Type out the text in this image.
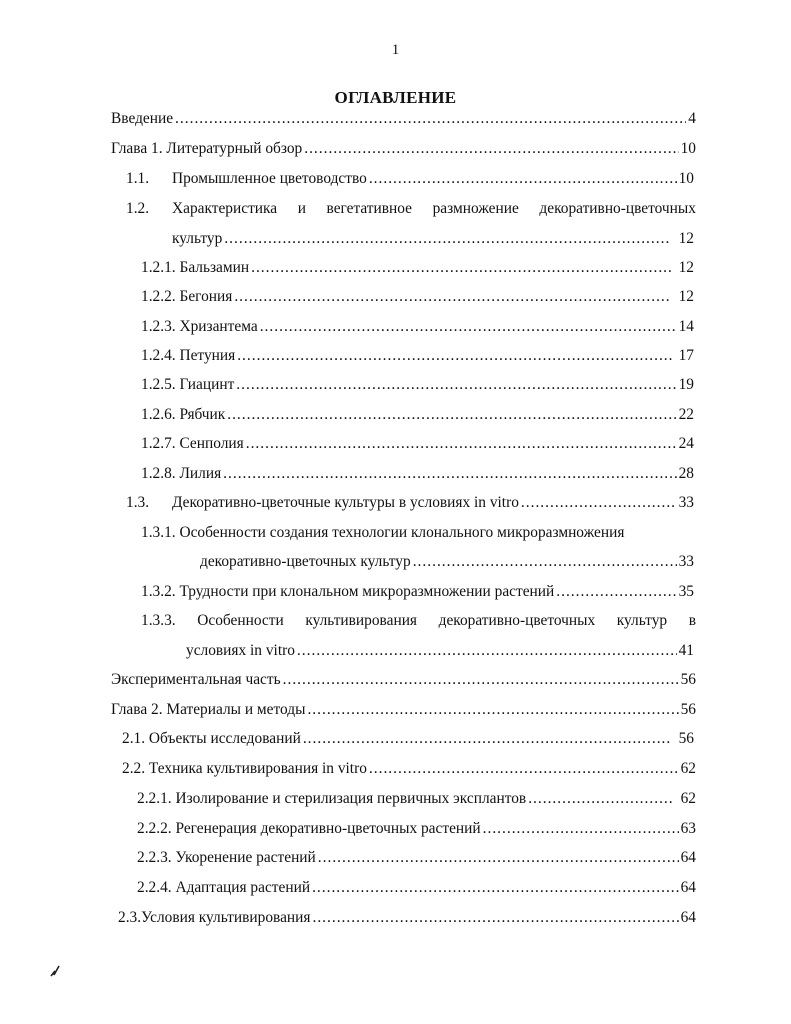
1
ОГЛАВЛЕНИЕ
Введение .....	4
Глава 1. Литературный обзор .....	10
1.1.	Промышленное цветоводство .....	10
1.2.	Характеристика и вегетативное размножение декоративно-цветочных
культур .....	12
1.2.1. Бальзамин .....	12
1.2.2. Бегония .....	12
1.2.3. Хризантема .....	14
1.2.4. Петуния .....	17
1.2.5. Гиацинт .....	19
1.2.6. Рябчик .....	22
1.2.7. Сенполия .....	24
1.2.8. Лилия .....	28
1.3.	Декоративно-цветочные культуры в условиях in vitro .....	33
1.3.1. Особенности создания технологии клонального микроразмножения
декоративно-цветочных культур .....	33
1.3.2. Трудности при клональном микроразмножении растений .....	35
1.3.3. Особенности культивирования декоративно-цветочных культур в
условиях in vitro .....	41
Экспериментальная часть .....	56
Глава 2. Материалы и методы .....	56
2.1. Объекты исследований .....	56
2.2. Техника культивирования in vitro .....	62
2.2.1. Изолирование и стерилизация первичных эксплантов .....	62
2.2.2. Регенерация декоративно-цветочных растений .....	63
2.2.3. Укоренение растений .....	64
2.2.4. Адаптация растений .....	64
2.3.Условия культивирования .....	64
